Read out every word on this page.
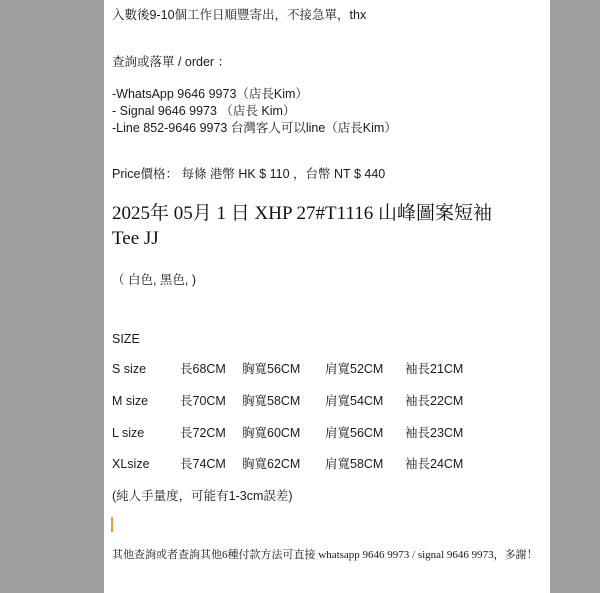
入數後9-10個工作日順豐寄出，不接急單，thx
查詢或落單 / order ：
-WhatsApp 9646 9973（店長Kim）
- Signal 9646 9973 （店長 Kim）
-Line 852-9646 9973 台灣客人可以line（店長Kim）
Price價格： 每條 港幣 HK $ 110 ，台幣 NT $ 440
2025年 05月 1 日 XHP 27#T1116 山峰圖案短袖
Tee JJ
（ 白色, 黑色, )
SIZE
S size	長68CM 胸寬56CM 肩寬52CM 袖長21CM
M size	長70CM 胸寬58CM 肩寬54CM 袖長22CM
L size	長72CM 胸寬60CM 肩寬56CM 袖長23CM
XLsize 長74CM 胸寬62CM 肩寬58CM 袖長24CM
(純人手量度，可能有1-3cm誤差)
其他查詢或者查詢其他6種付款方法可直接 whatsapp 9646 9973 / signal 9646 9973，多謝！
